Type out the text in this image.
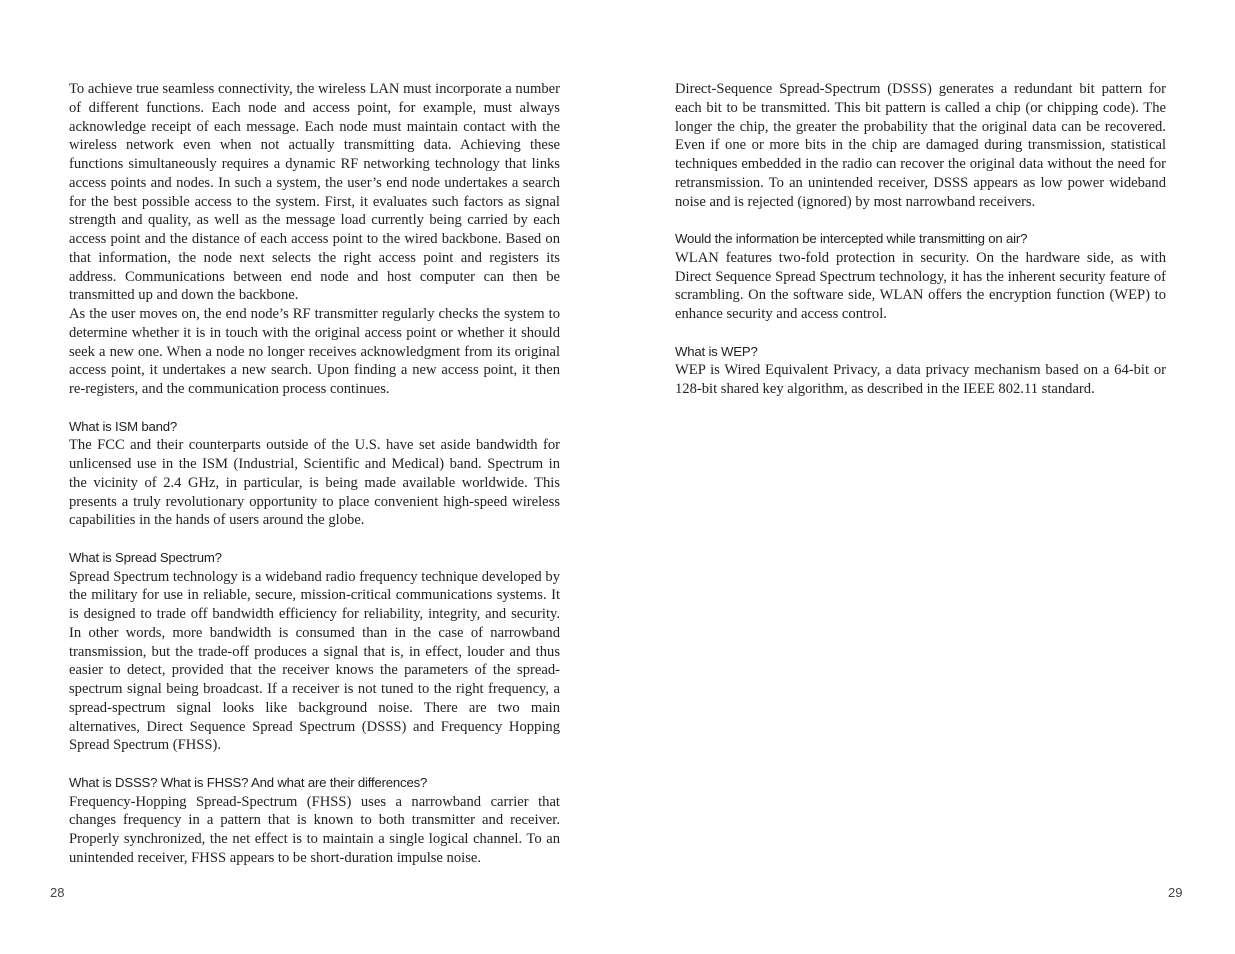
To achieve true seamless connectivity, the wireless LAN must incorporate a number of different functions. Each node and access point, for example, must always acknowledge receipt of each message. Each node must maintain contact with the wireless network even when not actually transmitting data. Achieving these functions simultaneously requires a dynamic RF networking technology that links access points and nodes. In such a system, the user’s end node undertakes a search for the best possible access to the system. First, it evaluates such factors as signal strength and quality, as well as the message load currently being carried by each access point and the distance of each access point to the wired backbone. Based on that information, the node next selects the right access point and registers its address. Communications between end node and host computer can then be transmitted up and down the backbone.

As the user moves on, the end node’s RF transmitter regularly checks the system to determine whether it is in touch with the original access point or whether it should seek a new one. When a node no longer receives acknowledgment from its original access point, it undertakes a new search. Upon finding a new access point, it then re-registers, and the communication process continues.

What is ISM band?

The FCC and their counterparts outside of the U.S. have set aside bandwidth for unlicensed use in the ISM (Industrial, Scientific and Medical) band. Spectrum in the vicinity of 2.4 GHz, in particular, is being made available worldwide. This presents a truly revolutionary opportunity to place convenient high-speed wireless capabilities in the hands of users around the globe.

What is Spread Spectrum?

Spread Spectrum technology is a wideband radio frequency technique developed by the military for use in reliable, secure, mission-critical communications systems. It is designed to trade off bandwidth efficiency for reliability, integrity, and security. In other words, more bandwidth is consumed than in the case of narrowband transmission, but the trade-off produces a signal that is, in effect, louder and thus easier to detect, provided that the receiver knows the parameters of the spread-spectrum signal being broadcast. If a receiver is not tuned to the right frequency, a spread-spectrum signal looks like background noise. There are two main alternatives, Direct Sequence Spread Spectrum (DSSS) and Frequency Hopping Spread Spectrum (FHSS).

What is DSSS? What is FHSS? And what are their differences?

Frequency-Hopping Spread-Spectrum (FHSS) uses a narrowband carrier that changes frequency in a pattern that is known to both transmitter and receiver. Properly synchronized, the net effect is to maintain a single logical channel. To an unintended receiver, FHSS appears to be short-duration impulse noise.

28

Direct-Sequence Spread-Spectrum (DSSS) generates a redundant bit pattern for each bit to be transmitted. This bit pattern is called a chip (or chipping code). The longer the chip, the greater the probability that the original data can be recovered. Even if one or more bits in the chip are damaged during transmission, statistical techniques embedded in the radio can recover the original data without the need for retransmission. To an unintended receiver, DSSS appears as low power wideband noise and is rejected (ignored) by most narrowband receivers.

Would the information be intercepted while transmitting on air?

WLAN features two-fold protection in security. On the hardware side, as with Direct Sequence Spread Spectrum technology, it has the inherent security feature of scrambling. On the software side, WLAN offers the encryption function (WEP) to enhance security and access control.

What is WEP?

WEP is Wired Equivalent Privacy, a data privacy mechanism based on a 64-bit or 128-bit shared key algorithm, as described in the IEEE 802.11 standard.

29
